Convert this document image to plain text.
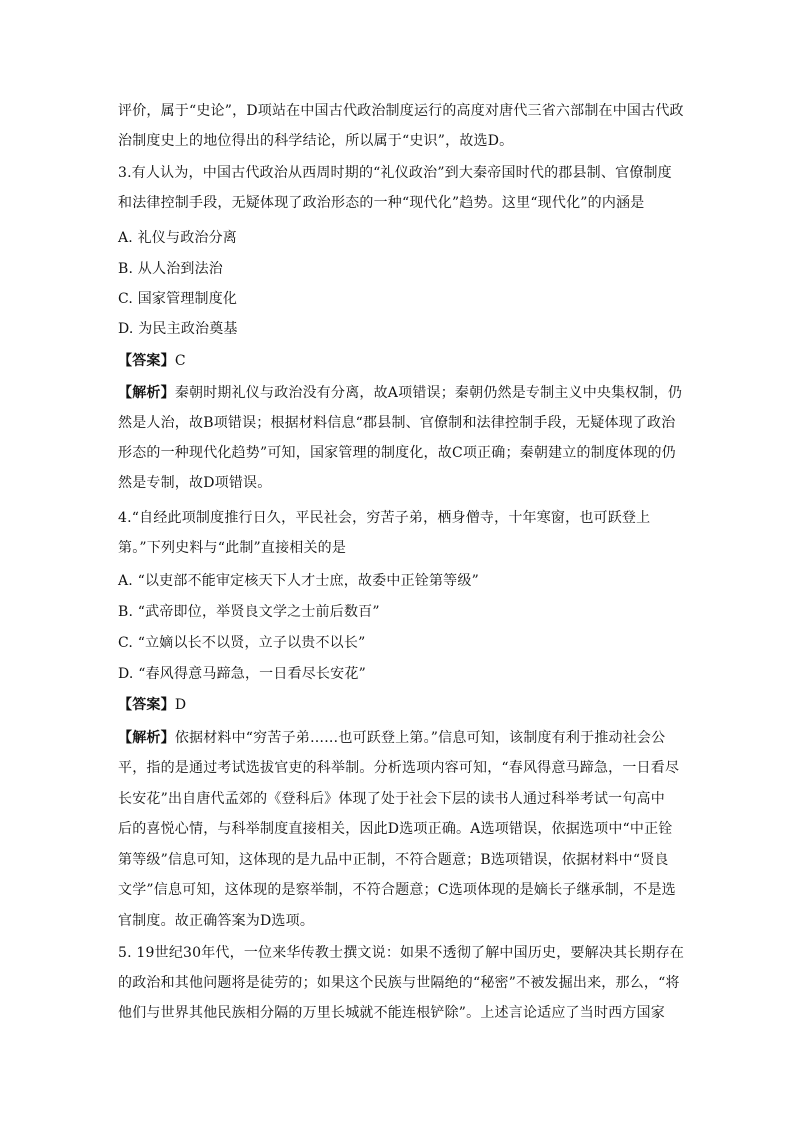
评价，属于“史论”，D项站在中国古代政治制度运行的高度对唐代三省六部制在中国古代政
治制度史上的地位得出的科学结论，所以属于“史识”，故选D。
3.有人认为，中国古代政治从西周时期的“礼仪政治”到大秦帝国时代的郡县制、官僚制度
和法律控制手段，无疑体现了政治形态的一种“现代化”趋势。这里“现代化”的内涵是
A. 礼仪与政治分离
B. 从人治到法治
C. 国家管理制度化
D. 为民主政治奠基
【答案】C
【解析】秦朝时期礼仪与政治没有分离，故A项错误；秦朝仍然是专制主义中央集权制，仍
然是人治，故B项错误；根据材料信息“郡县制、官僚制和法律控制手段，无疑体现了政治
形态的一种现代化趋势”可知，国家管理的制度化，故C项正确；秦朝建立的制度体现的仍
然是专制，故D项错误。
4.“自经此项制度推行日久，平民社会，穷苦子弟，栖身僧寺，十年寒窗，也可跃登上
第。”下列史料与“此制”直接相关的是
A. “以吏部不能审定核天下人才士庶，故委中正铨第等级”
B. “武帝即位，举贤良文学之士前后数百”
C. “立嫡以长不以贤，立子以贵不以长”
D. “春风得意马蹄急，一日看尽长安花”
【答案】D
【解析】依据材料中“穷苦子弟……也可跃登上第。”信息可知，该制度有利于推动社会公
平，指的是通过考试选拔官吏的科举制。分析选项内容可知，“春风得意马蹄急，一日看尽
长安花”出自唐代孟郊的《登科后》体现了处于社会下层的读书人通过科举考试一句高中
后的喜悦心情，与科举制度直接相关，因此D选项正确。A选项错误，依据选项中“中正铨
第等级”信息可知，这体现的是九品中正制，不符合题意；B选项错误，依据材料中“贤良
文学”信息可知，这体现的是察举制，不符合题意；C选项体现的是嫡长子继承制，不是选
官制度。故正确答案为D选项。
5. 19世纪30年代，一位来华传教士撰文说：如果不透彻了解中国历史，要解决其长期存在
的政治和其他问题将是徒劳的；如果这个民族与世隔绝的“秘密”不被发掘出来，那么，“将
他们与世界其他民族相分隔的万里长城就不能连根铲除”。上述言论适应了当时西方国家
